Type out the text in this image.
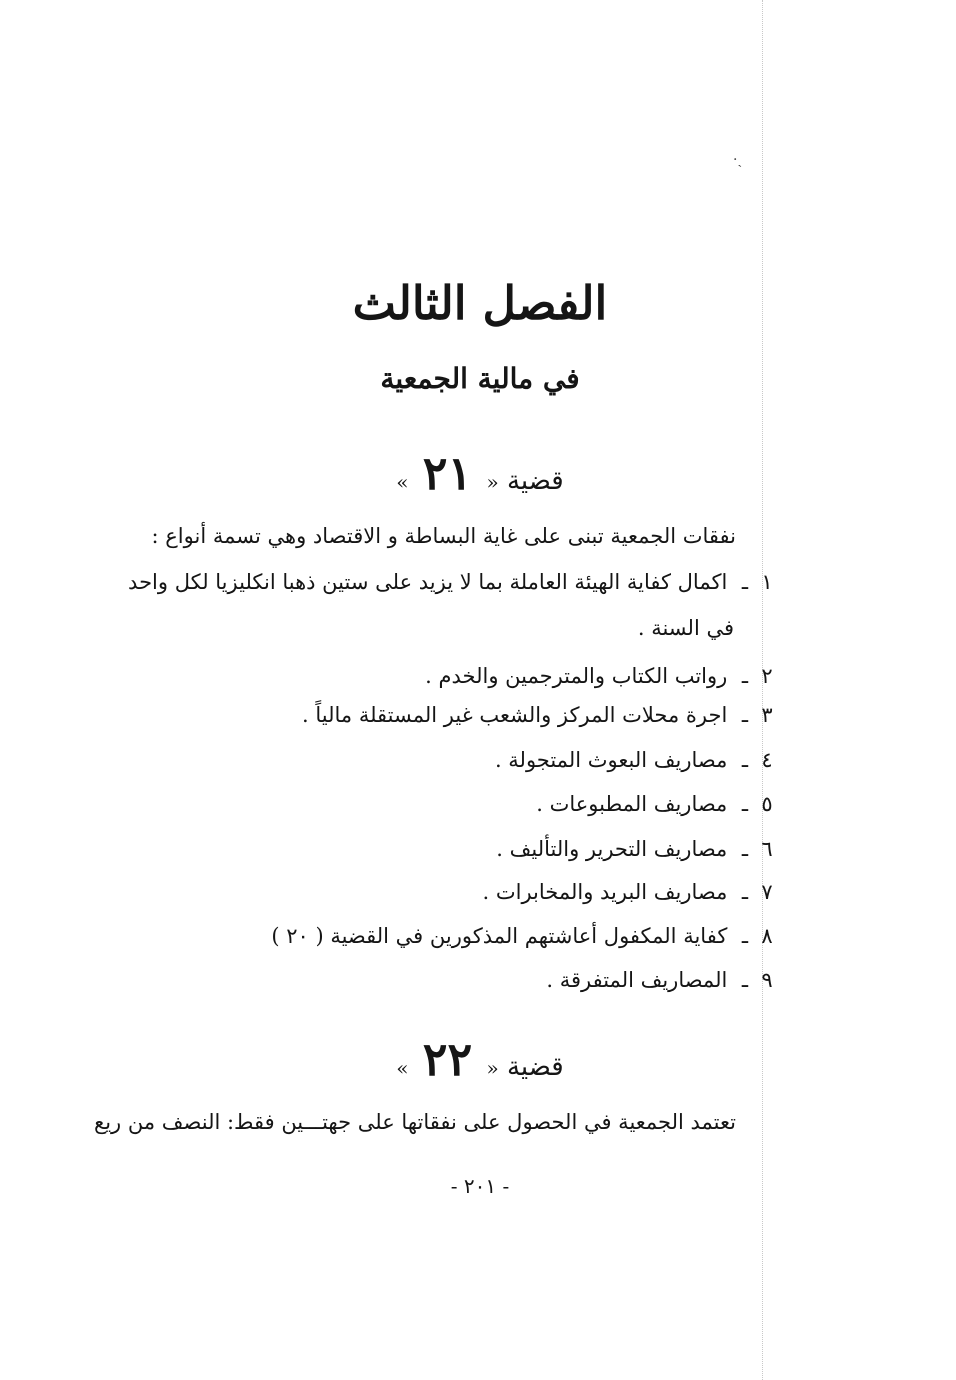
·ˏ
الفصل الثالث
في مالية الجمعية
قضية « ٢١ »
نفقات الجمعية تبنى على غاية البساطة و الاقتصاد وهي تسمة أنواع :
١ـ اكمال كفاية الهيئة العاملة بما لا يزيد على ستين ذهبا انكليزيا لكل واحد
في السنة .
٢ـ رواتب الكتاب والمترجمين والخدم .
٣ـ اجرة محلات المركز والشعب غير المستقلة مالياً .
٤ـ مصاريف البعوث المتجولة .
٥ـ مصاريف المطبوعات .
٦ـ مصاريف التحرير والتأليف .
٧ـ مصاريف البريد والمخابرات .
٨ـ كفاية المكفول أعاشتهم المذكورين في القضية ( ٢٠ )
٩ـ المصاريف المتفرقة .
قضية « ٢٢ »
تعتمد الجمعية في الحصول على نفقاتها على جهتـــين فقط: النصف من ريع
- ٢٠١ -
